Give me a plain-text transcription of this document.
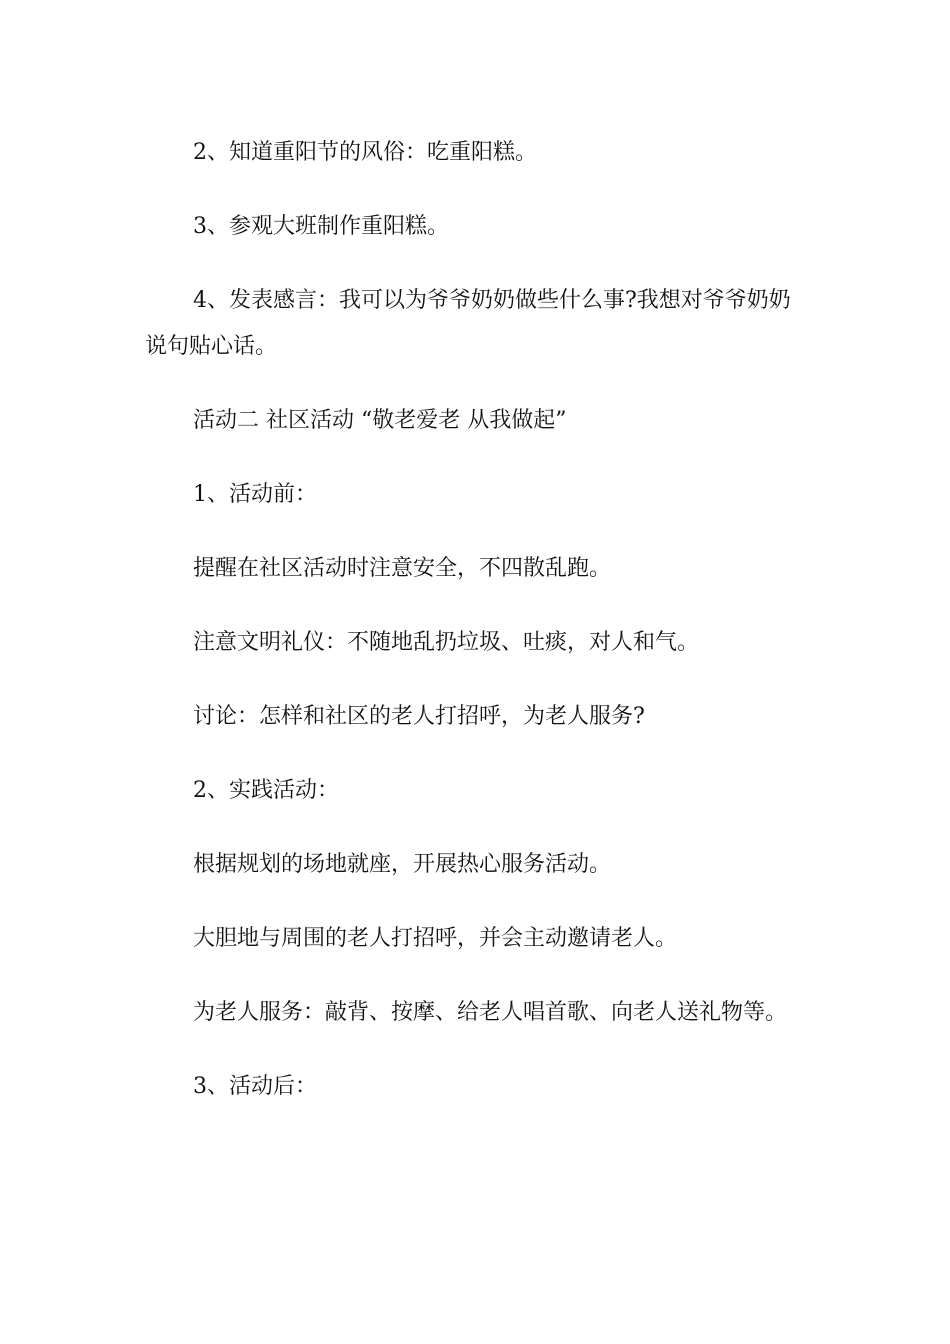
2、知道重阳节的风俗：吃重阳糕。

3、参观大班制作重阳糕。

4、发表感言：我可以为爷爷奶奶做些什么事?我想对爷爷奶奶说句贴心话。

活动二 社区活动 “敬老爱老 从我做起”

1、活动前：

提醒在社区活动时注意安全，不四散乱跑。

注意文明礼仪：不随地乱扔垃圾、吐痰，对人和气。

讨论：怎样和社区的老人打招呼，为老人服务?

2、实践活动：

根据规划的场地就座，开展热心服务活动。

大胆地与周围的老人打招呼，并会主动邀请老人。

为老人服务：敲背、按摩、给老人唱首歌、向老人送礼物等。

3、活动后：
